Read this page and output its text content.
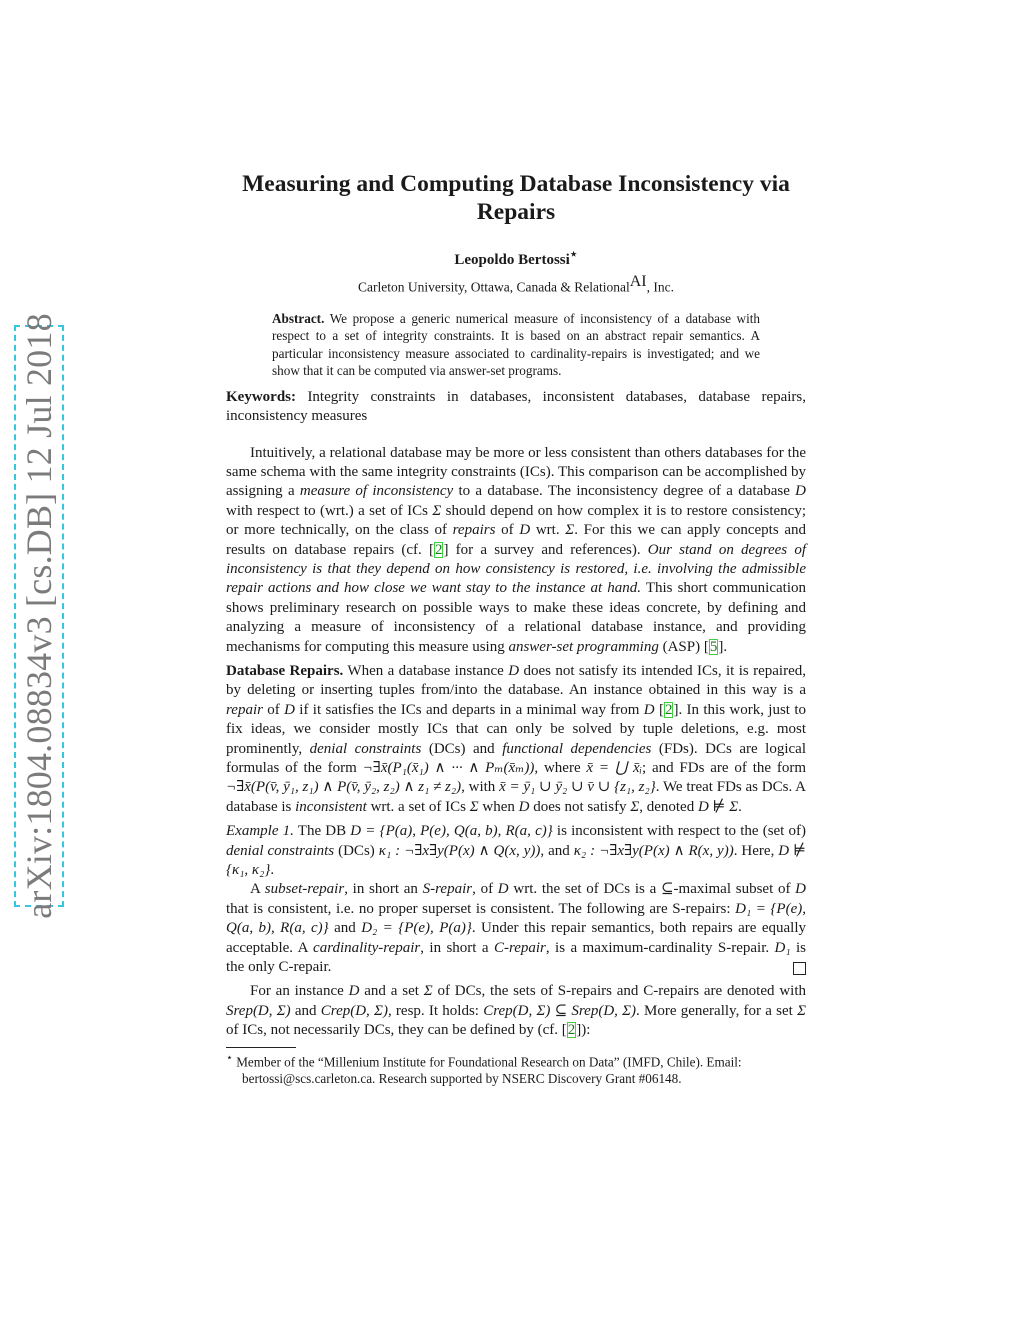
arXiv:1804.08834v3 [cs.DB] 12 Jul 2018
Measuring and Computing Database Inconsistency via
Repairs
Leopoldo Bertossi⋆
Carleton University, Ottawa, Canada & Relational$^{AI}$, Inc.
Abstract. We propose a generic numerical measure of inconsistency of a database with respect to a set of integrity constraints. It is based on an abstract repair semantics. A particular inconsistency measure associated to cardinality-repairs is investigated; and we show that it can be computed via answer-set programs.
Keywords: Integrity constraints in databases, inconsistent databases, database repairs, inconsistency measures

Intuitively, a relational database may be more or less consistent than others databases for the same schema with the same integrity constraints (ICs). This comparison can be accomplished by assigning a measure of inconsistency to a database. The inconsistency degree of a database D with respect to (wrt.) a set of ICs Σ should depend on how complex it is to restore consistency; or more technically, on the class of repairs of D wrt. Σ. For this we can apply concepts and results on database repairs (cf. [2] for a survey and references). Our stand on degrees of inconsistency is that they depend on how consistency is restored, i.e. involving the admissible repair actions and how close we want stay to the instance at hand. This short communication shows preliminary research on possible ways to make these ideas concrete, by defining and analyzing a measure of inconsistency of a relational database instance, and providing mechanisms for computing this measure using answer-set programming (ASP) [5].

Database Repairs. When a database instance D does not satisfy its intended ICs, it is repaired, by deleting or inserting tuples from/into the database. An instance obtained in this way is a repair of D if it satisfies the ICs and departs in a minimal way from D [2]. In this work, just to fix ideas, we consider mostly ICs that can only be solved by tuple deletions, e.g. most prominently, denial constraints (DCs) and functional dependencies (FDs). DCs are logical formulas of the form ¬∃x̄(P₁(x̄₁) ∧ ··· ∧ Pₘ(x̄ₘ)), where x̄ = ⋃ x̄ᵢ; and FDs are of the form ¬∃x̄(P(v̄, ȳ₁, z₁) ∧ P(v̄, ȳ₂, z₂) ∧ z₁ ≠ z₂), with x̄ = ȳ₁ ∪ ȳ₂ ∪ v̄ ∪ {z₁, z₂}. We treat FDs as DCs. A database is inconsistent wrt. a set of ICs Σ when D does not satisfy Σ, denoted D ⊭ Σ.

Example 1. The DB D = {P(a), P(e), Q(a, b), R(a, c)} is inconsistent with respect to the (set of) denial constraints (DCs) κ₁ : ¬∃x∃y(P(x) ∧ Q(x, y)), and κ₂ : ¬∃x∃y(P(x) ∧ R(x, y)). Here, D ⊭ {κ₁, κ₂}.

A subset-repair, in short an S-repair, of D wrt. the set of DCs is a ⊆-maximal subset of D that is consistent, i.e. no proper superset is consistent. The following are S-repairs: D₁ = {P(e), Q(a, b), R(a, c)} and D₂ = {P(e), P(a)}. Under this repair semantics, both repairs are equally acceptable. A cardinality-repair, in short a C-repair, is a maximum-cardinality S-repair. D₁ is the only C-repair.

For an instance D and a set Σ of DCs, the sets of S-repairs and C-repairs are denoted with Srep(D, Σ) and Crep(D, Σ), resp. It holds: Crep(D, Σ) ⊆ Srep(D, Σ). More generally, for a set Σ of ICs, not necessarily DCs, they can be defined by (cf. [2]):

⋆ Member of the “Millenium Institute for Foundational Research on Data” (IMFD, Chile). Email: bertossi@scs.carleton.ca. Research supported by NSERC Discovery Grant #06148.
